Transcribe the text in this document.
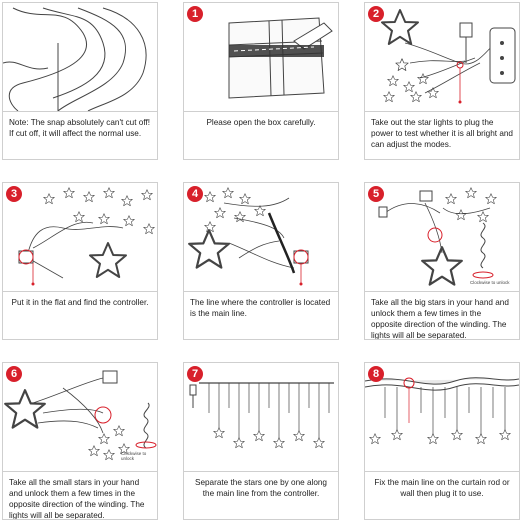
Note: The snap absolutely can't cut off! If cut off, it will affect the normal use.
1
Please open the box carefully.
2
Take out the star lights to plug the power to test whether it is all bright and can adjust the modes.
3
Put it in the flat and find the controller.
4
The line where the controller is located is the main line.
5
Clockwise to unlock
Take all the big stars in your hand and unlock them a few times in the opposite direction of the winding. The lights will all be separated.
6
Clockwise to unlock
Take all the small stars in your hand and unlock them a few times in the opposite direction of the winding. The lights will all be separated.
7
Separate the stars one by one along the main line from the controller.
8
Fix the main line on the curtain rod or wall then plug it to use.
